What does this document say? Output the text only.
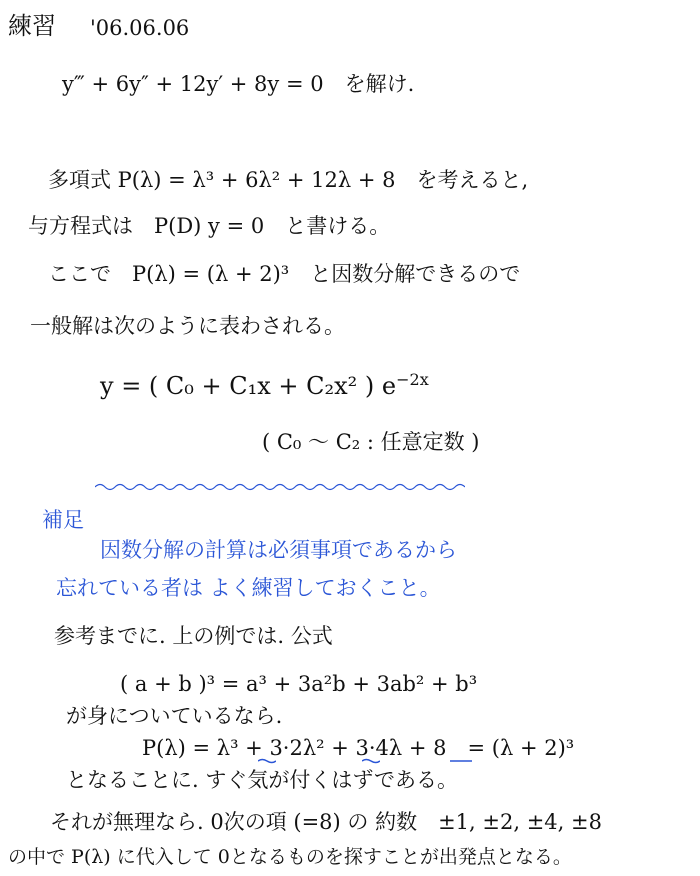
練習 '06.06.06
y‴ + 6y″ + 12y′ + 8y = 0　を解け.
多項式 P(λ) = λ³ + 6λ² + 12λ + 8　を考えると,
与方程式は　P(D) y = 0　と書ける。
ここで　P(λ) = (λ + 2)³　と因数分解できるので
一般解は次のように表わされる。
y = ( C₀ + C₁x + C₂x² ) $e^{-2x}$
( C₀ 〜 C₂ : 任意定数 )
補足
因数分解の計算は必須事項であるから
忘れている者は よく練習しておくこと。
参考までに. 上の例では. 公式
( a + b )³ = a³ + 3a²b + 3ab² + b³
が身についているなら.
P(λ) = λ³ + 3·2λ² + 3·4λ + 8　= (λ + 2)³
となることに. すぐ気が付くはずである。
それが無理なら. 0次の項 (=8) の 約数　±1, ±2, ±4, ±8
の中で P(λ) に代入して 0となるものを探すことが出発点となる。
